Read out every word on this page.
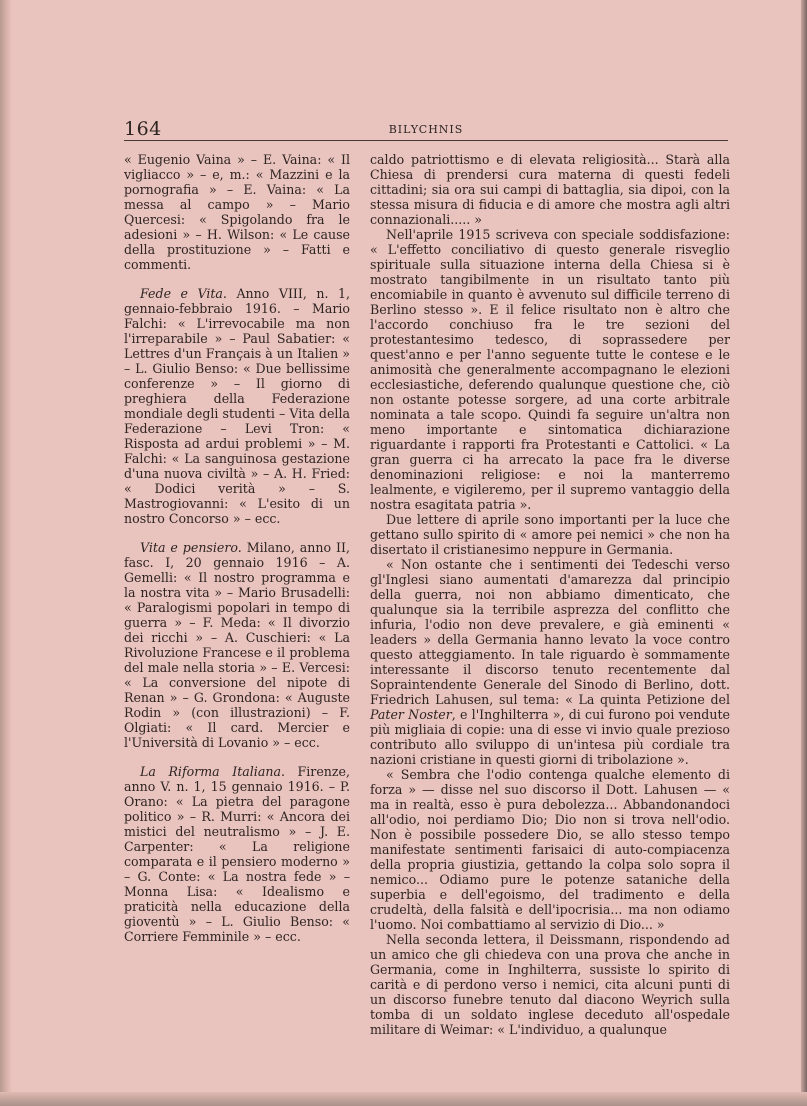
164	BILYCHNIS

« Eugenio Vaina » – E. Vaina: « Il vigliacco » – e, m.: « Mazzini e la pornografia » – E. Vaina: « La messa al campo » – Mario Quercesi: « Spigolando fra le adesioni » – H. Wilson: « Le cause della prostituzione » – Fatti e commenti.

Fede e Vita. Anno VIII, n. 1, gennaio-febbraio 1916. – Mario Falchi: « L'irrevocabile ma non l'irreparabile » – Paul Sabatier: « Lettres d'un Français à un Italien » – L. Giulio Benso: « Due bellissime conferenze » – Il giorno di preghiera della Federazione mondiale degli studenti – Vita della Federazione – Levi Tron: « Risposta ad ardui problemi » – M. Falchi: « La sanguinosa gestazione d'una nuova civiltà » – A. H. Fried: « Dodici verità » – S. Mastrogiovanni: « L'esito di un nostro Concorso » – ecc.

Vita e pensiero. Milano, anno II, fasc. I, 20 gennaio 1916 – A. Gemelli: « Il nostro programma e la nostra vita » – Mario Brusadelli: « Paralogismi popolari in tempo di guerra » – F. Meda: « Il divorzio dei ricchi » – A. Cuschieri: « La Rivoluzione Francese e il problema del male nella storia » – E. Vercesi: « La conversione del nipote di Renan » – G. Grondona: « Auguste Rodin » (con illustrazioni) – F. Olgiati: « Il card. Mercier e l'Università di Lovanio » – ecc.

La Riforma Italiana. Firenze, anno V. n. 1, 15 gennaio 1916. – P. Orano: « La pietra del paragone politico » – R. Murri: « Ancora dei mistici del neutralismo » – J. E. Carpenter: « La religione comparata e il pensiero moderno » – G. Conte: « La nostra fede » – Monna Lisa: « Idealismo e praticità nella educazione della gioventù » – L. Giulio Benso: « Corriere Femminile » – ecc.

caldo patriottismo e di elevata religiosità... Starà alla Chiesa di prendersi cura materna di questi fedeli cittadini; sia ora sui campi di battaglia, sia dipoi, con la stessa misura di fiducia e di amore che mostra agli altri connazionali..... »

Nell'aprile 1915 scriveva con speciale soddisfazione: « L'effetto conciliativo di questo generale risveglio spirituale sulla situazione interna della Chiesa si è mostrato tangibilmente in un risultato tanto più encomiabile in quanto è avvenuto sul difficile terreno di Berlino stesso ». E il felice risultato non è altro che l'accordo conchiuso fra le tre sezioni del protestantesimo tedesco, di soprassedere per quest'anno e per l'anno seguente tutte le contese e le animosità che generalmente accompagnano le elezioni ecclesiastiche, deferendo qualunque questione che, ciò non ostante potesse sorgere, ad una corte arbitrale nominata a tale scopo. Quindi fa seguire un'altra non meno importante e sintomatica dichiarazione riguardante i rapporti fra Protestanti e Cattolici. « La gran guerra ci ha arrecato la pace fra le diverse denominazioni religiose: e noi la manterremo lealmente, e vigileremo, per il supremo vantaggio della nostra esagitata patria ».

Due lettere di aprile sono importanti per la luce che gettano sullo spirito di « amore pei nemici » che non ha disertato il cristianesimo neppure in Germania.

« Non ostante che i sentimenti dei Tedeschi verso gl'Inglesi siano aumentati d'amarezza dal principio della guerra, noi non abbiamo dimenticato, che qualunque sia la terribile asprezza del conflitto che infuria, l'odio non deve prevalere, e già eminenti « leaders » della Germania hanno levato la voce contro questo atteggiamento. In tale riguardo è sommamente interessante il discorso tenuto recentemente dal Sopraintendente Generale del Sinodo di Berlino, dott. Friedrich Lahusen, sul tema: « La quinta Petizione del Pater Noster, e l'Inghilterra », di cui furono poi vendute più migliaia di copie: una di esse vi invio quale prezioso contributo allo sviluppo di un'intesa più cordiale tra nazioni cristiane in questi giorni di tribolazione ».

« Sembra che l'odio contenga qualche elemento di forza » — disse nel suo discorso il Dott. Lahusen — « ma in realtà, esso è pura debolezza... Abbandonandoci all'odio, noi perdiamo Dio; Dio non si trova nell'odio. Non è possibile possedere Dio, se allo stesso tempo manifestate sentimenti farisaici di auto-compiacenza della propria giustizia, gettando la colpa solo sopra il nemico... Odiamo pure le potenze sataniche della superbia e dell'egoismo, del tradimento e della crudeltà, della falsità e dell'ipocrisia... ma non odiamo l'uomo. Noi combattiamo al servizio di Dio... »

Nella seconda lettera, il Deissmann, rispondendo ad un amico che gli chiedeva con una prova che anche in Germania, come in Inghilterra, sussiste lo spirito di carità e di perdono verso i nemici, cita alcuni punti di un discorso funebre tenuto dal diacono Weyrich sulla tomba di un soldato inglese deceduto all'ospedale militare di Weimar: « L'individuo, a qualunque
